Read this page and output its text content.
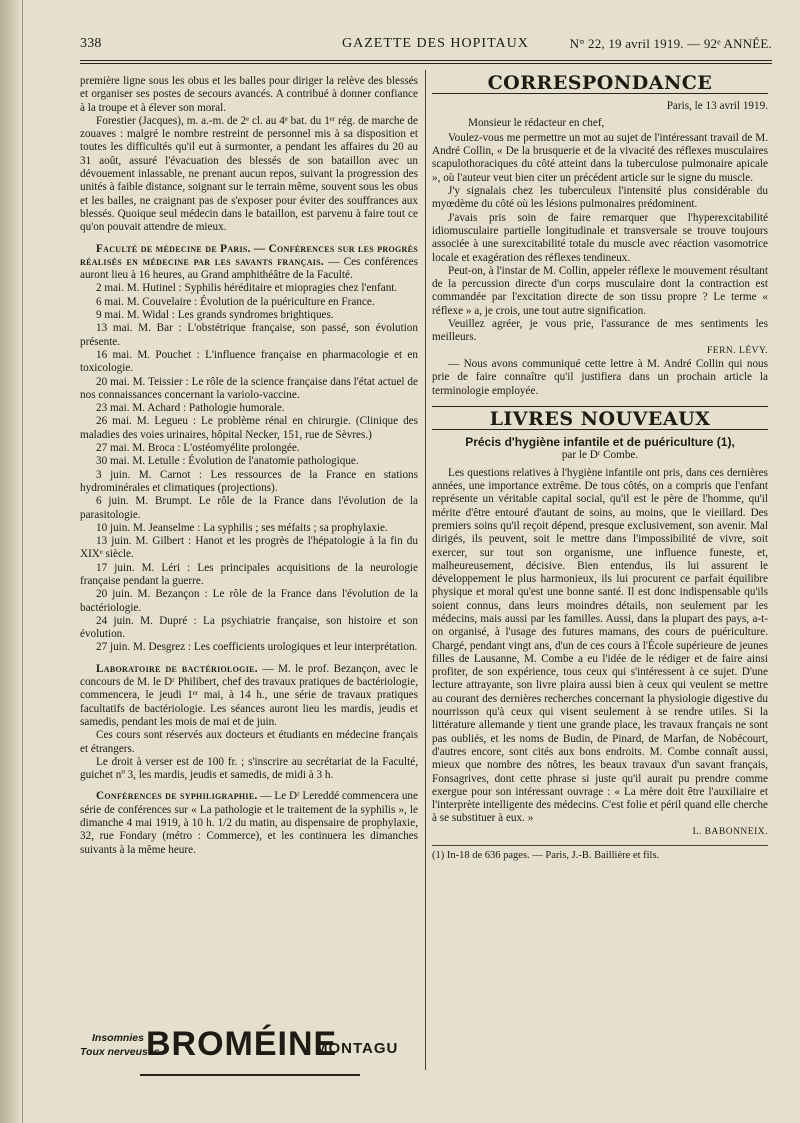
338	GAZETTE DES HOPITAUX	N° 22, 19 avril 1919. — 92ᵉ ANNÉE.

première ligne sous les obus et les balles pour diriger la relève des blessés et organiser ses postes de secours avancés. A contribué à donner confiance à la troupe et à élever son moral.

Forestier (Jacques), m. a.-m. de 2ᵉ cl. au 4ᵉ bat. du 1ᵉʳ rég. de marche de zouaves : malgré le nombre restreint de personnel mis à sa disposition et toutes les difficultés qu'il eut à surmonter, a pendant les affaires du 20 au 31 août, assuré l'évacuation des blessés de son bataillon avec un dévouement inlassable, ne prenant aucun repos, suivant la progression des unités à faible distance, soignant sur le terrain même, souvent sous les obus et les balles, ne craignant pas de s'exposer pour éviter des souffrances aux blessés. Quoique seul médecin dans le bataillon, est parvenu à faire tout ce qu'on pouvait attendre de mieux.

Faculté de médecine de Paris. — Conférences sur les progrès réalisés en médecine par les savants français. — Ces conférences auront lieu à 16 heures, au Grand amphithéâtre de la Faculté.

2 mai. M. Hutinel : Syphilis héréditaire et miopragies chez l'enfant.

6 mai. M. Couvelaire : Évolution de la puériculture en France.

9 mai. M. Widal : Les grands syndromes brightiques.

13 mai. M. Bar : L'obstétrique française, son passé, son évolution présente.

16 mai. M. Pouchet : L'influence française en pharmacologie et en toxicologie.

20 mai. M. Teissier : Le rôle de la science française dans l'état actuel de nos connaissances concernant la variolo-vaccine.

23 mai. M. Achard : Pathologie humorale.

26 mai. M. Legueu : Le problème rénal en chirurgie. (Clinique des maladies des voies urinaires, hôpital Necker, 151, rue de Sèvres.)

27 mai. M. Broca : L'ostéomyélite prolongée.

30 mai. M. Letulle : Évolution de l'anatomie pathologique.

3 juin. M. Carnot : Les ressources de la France en stations hydrominérales et climatiques (projections).

6 juin. M. Brumpt. Le rôle de la France dans l'évolution de la parasitologie.

10 juin. M. Jeanselme : La syphilis ; ses méfaits ; sa prophylaxie.

13 juin. M. Gilbert : Hanot et les progrès de l'hépatologie à la fin du XIXᵉ siècle.

17 juin. M. Léri : Les principales acquisitions de la neurologie française pendant la guerre.

20 juin. M. Bezançon : Le rôle de la France dans l'évolution de la bactériologie.

24 juin. M. Dupré : La psychiatrie française, son histoire et son évolution.

27 juin. M. Desgrez : Les coefficients urologiques et leur interprétation.

Laboratoire de bactériologie. — M. le prof. Bezançon, avec le concours de M. le Dʳ Philibert, chef des travaux pratiques de bactériologie, commencera, le jeudi 1ᵉʳ mai, à 14 h., une série de travaux pratiques facultatifs de bactériologie. Les séances auront lieu les mardis, jeudis et samedis, pendant les mois de mai et de juin.

Ces cours sont réservés aux docteurs et étudiants en médecine français et étrangers.

Le droit à verser est de 100 fr. ; s'inscrire au secrétariat de la Faculté, guichet nº 3, les mardis, jeudis et samedis, de midi à 3 h.

Conférences de syphiligraphie. — Le Dʳ Lereddé commencera une série de conférences sur « La pathologie et le traitement de la syphilis », le dimanche 4 mai 1919, à 10 h. 1/2 du matin, au dispensaire de prophylaxie, 32, rue Fondary (métro : Commerce), et les continuera les dimanches suivants à la même heure.

Insomnies
Toux nerveuses
BROMÉINE
MONTAGU
CORRESPONDANCE
Paris, le 13 avril 1919.
Monsieur le rédacteur en chef,

Voulez-vous me permettre un mot au sujet de l'intéressant travail de M. André Collin, « De la brusquerie et de la vivacité des réflexes musculaires scapulothoraciques du côté atteint dans la tuberculose pulmonaire apicale », où l'auteur veut bien citer un précédent article sur le signe du muscle.

J'y signalais chez les tuberculeux l'intensité plus considérable du myœdème du côté où les lésions pulmonaires prédominent.

J'avais pris soin de faire remarquer que l'hyperexcitabilité idiomusculaire partielle longitudinale et transversale se trouve toujours associée à une surexcitabilité totale du muscle avec réaction vasomotrice locale et exagération des réflexes tendineux.

Peut-on, à l'instar de M. Collin, appeler réflexe le mouvement résultant de la percussion directe d'un corps musculaire dont la contraction est commandée par l'excitation directe de son tissu propre ? Le terme « réflexe » a, je crois, une tout autre signification.

Veuillez agréer, je vous prie, l'assurance de mes sentiments les meilleurs.

FERN. LÉVY.

— Nous avons communiqué cette lettre à M. André Collin qui nous prie de faire connaître qu'il justifiera dans un prochain article la terminologie employée.

LIVRES NOUVEAUX
Précis d'hygiène infantile et de puériculture (1),
par le Dʳ Combe.

Les questions relatives à l'hygiène infantile ont pris, dans ces dernières années, une importance extrême. De tous côtés, on a compris que l'enfant représente un véritable capital social, qu'il est le père de l'homme, qu'il mérite d'être entouré d'autant de soins, au moins, que le vieillard. Des premiers soins qu'il reçoit dépend, presque exclusivement, son avenir. Mal dirigés, ils peuvent, soit le mettre dans l'impossibilité de vivre, soit exercer, sur tout son organisme, une influence funeste, et, malheureusement, décisive. Bien entendus, ils lui assurent le développement le plus harmonieux, ils lui procurent ce parfait équilibre physique et moral qu'est une bonne santé. Il est donc indispensable qu'ils soient connus, dans leurs moindres détails, non seulement par les médecins, mais aussi par les familles. Aussi, dans la plupart des pays, a-t-on organisé, à l'usage des futures mamans, des cours de puériculture. Chargé, pendant vingt ans, d'un de ces cours à l'École supérieure de jeunes filles de Lausanne, M. Combe a eu l'idée de le rédiger et de faire ainsi profiter, de son expérience, tous ceux qui s'intéressent à ce sujet. D'une lecture attrayante, son livre plaira aussi bien à ceux qui veulent se mettre au courant des dernières recherches concernant la physiologie digestive du nourrisson qu'à ceux qui visent seulement à se rendre utiles. Si la littérature allemande y tient une grande place, les travaux français ne sont pas oubliés, et les noms de Budin, de Pinard, de Marfan, de Nobécourt, d'autres encore, sont cités aux bons endroits. M. Combe connaît aussi, mieux que nombre des nôtres, les beaux travaux d'un savant français, Fonsagrives, dont cette phrase si juste qu'il aurait pu prendre comme exergue pour son intéressant ouvrage : « La mère doit être l'auxiliaire et l'interprète intelligente des médecins. C'est folie et péril quand elle cherche à se substituer à eux. »

L. BABONNEIX.
(1) In-18 de 636 pages. — Paris, J.-B. Baillière et fils.
